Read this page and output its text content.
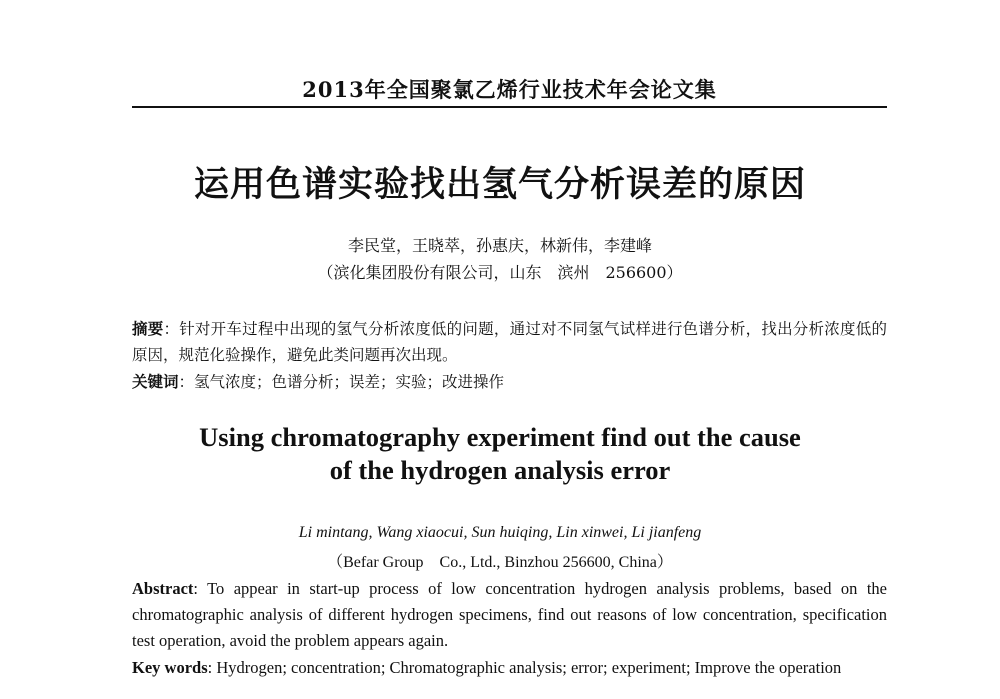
2013年全国聚氯乙烯行业技术年会论文集
运用色谱实验找出氢气分析误差的原因
李民堂，王晓萃，孙惠庆，林新伟，李建峰
（滨化集团股份有限公司，山东　滨州　256600）
摘要：针对开车过程中出现的氢气分析浓度低的问题，通过对不同氢气试样进行色谱分析，找出分析浓度低的原因，规范化验操作，避免此类问题再次出现。
关键词：氢气浓度；色谱分析；误差；实验；改进操作
Using chromatography experiment find out the cause
of the hydrogen analysis error
Li mintang, Wang xiaocui, Sun huiqing, Lin xinwei, Li jianfeng
（Befar Group　Co., Ltd., Binzhou 256600, China）
Abstract: To appear in start-up process of low concentration hydrogen analysis problems, based on the chromatographic analysis of different hydrogen specimens, find out reasons of low concentration, specification test operation, avoid the problem appears again.
Key words: Hydrogen; concentration; Chromatographic analysis; error; experiment; Improve the operation
